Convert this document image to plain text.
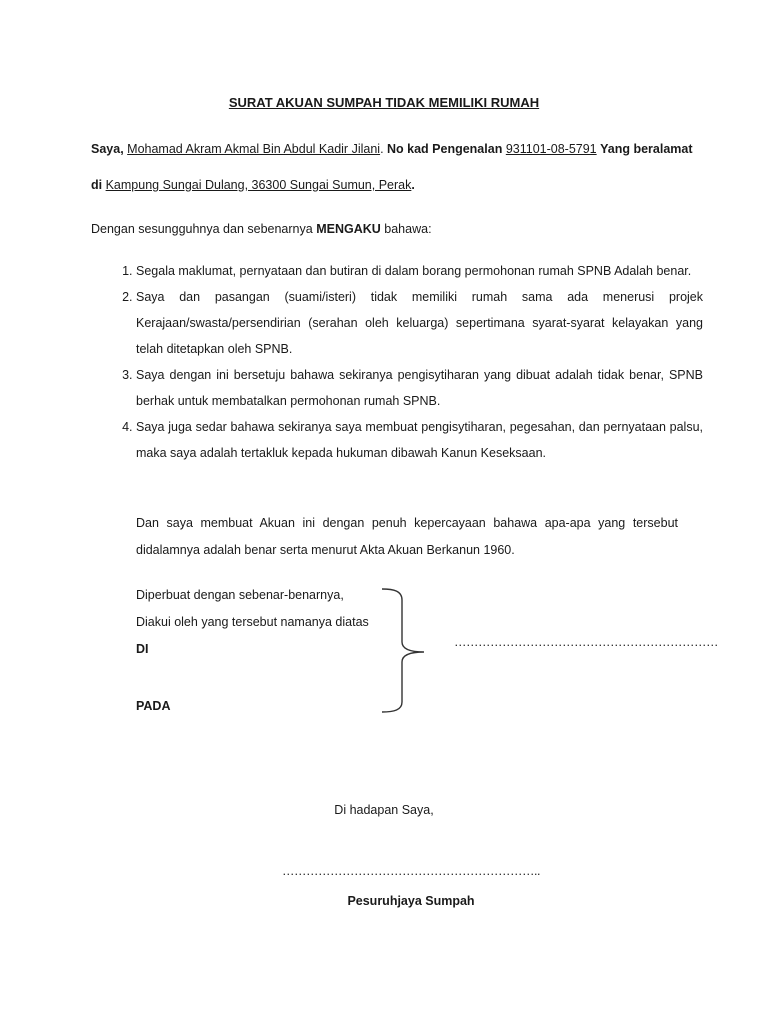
SURAT AKUAN SUMPAH TIDAK MEMILIKI RUMAH
Saya, Mohamad Akram Akmal Bin Abdul Kadir Jilani. No kad Pengenalan 931101-08-5791 Yang beralamat
di Kampung Sungai Dulang, 36300 Sungai Sumun, Perak.
Dengan sesungguhnya dan sebenarnya MENGAKU bahawa:
1. Segala maklumat, pernyataan dan butiran di dalam borang permohonan rumah SPNB Adalah benar.
2. Saya dan pasangan (suami/isteri) tidak memiliki rumah sama ada menerusi projek Kerajaan/swasta/persendirian (serahan oleh keluarga) sepertimana syarat-syarat kelayakan yang telah ditetapkan oleh SPNB.
3. Saya dengan ini bersetuju bahawa sekiranya pengisytiharan yang dibuat adalah tidak benar, SPNB berhak untuk membatalkan permohonan rumah SPNB.
4. Saya juga sedar bahawa sekiranya saya membuat pengisytiharan, pegesahan, dan pernyataan palsu, maka saya adalah tertakluk kepada hukuman dibawah Kanun Keseksaan.
Dan saya membuat Akuan ini dengan penuh kepercayaan bahawa apa-apa yang tersebut didalamnya adalah benar serta menurut Akta Akuan Berkanun 1960.
Diperbuat dengan sebenar-benarnya,
Diakui oleh yang tersebut namanya diatas
DI
PADA
…………………………………………………………
Di hadapan Saya,
………………………………………………………..
Pesuruhjaya Sumpah
